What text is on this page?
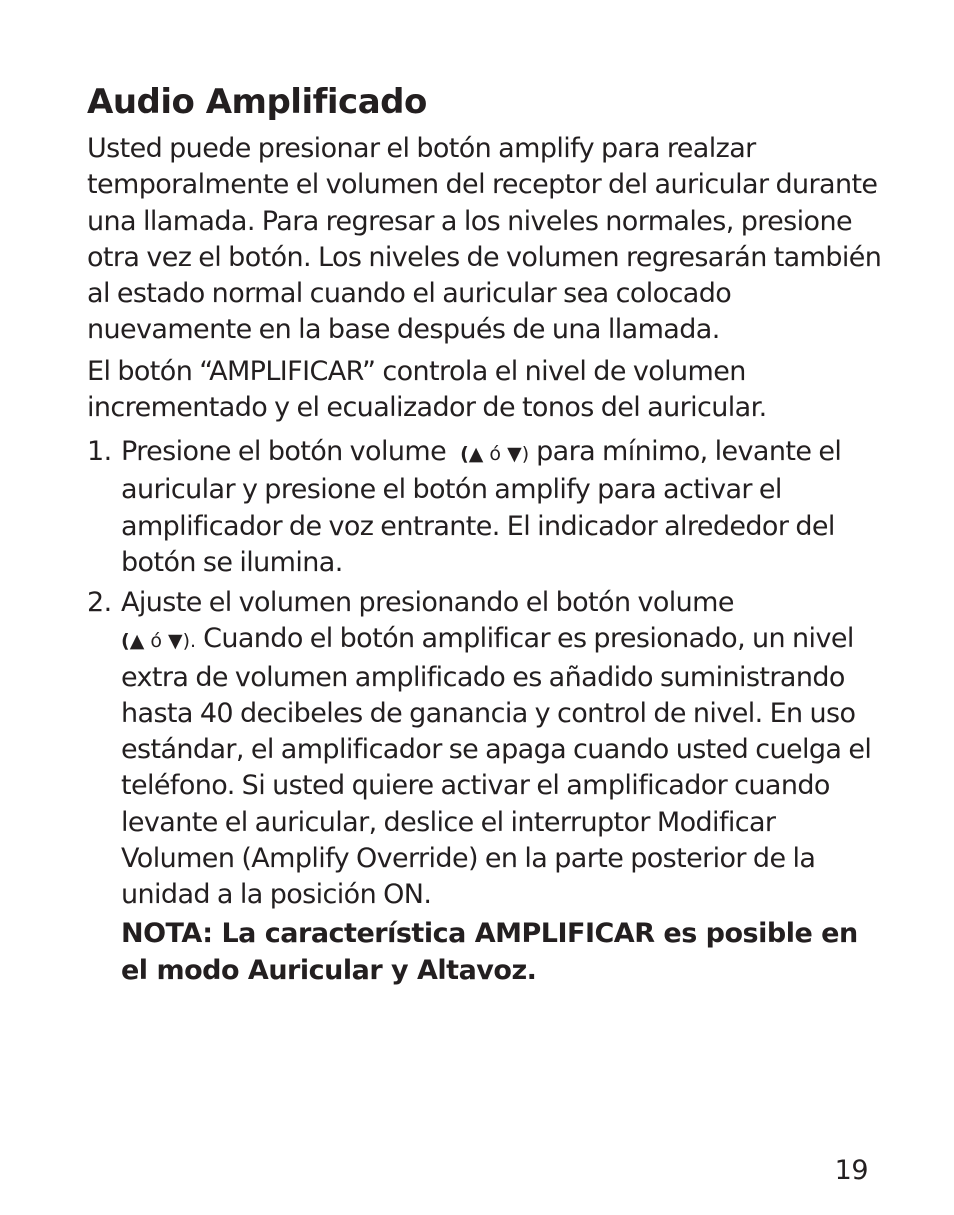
Audio Amplificado

Usted puede presionar el botón amplify para realzar temporalmente el volumen del receptor del auricular durante una llamada. Para regresar a los niveles normales, presione otra vez el botón. Los niveles de volumen regresarán también al estado normal cuando el auricular sea colocado nuevamente en la base después de una llamada.

El botón “AMPLIFICAR” controla el nivel de volumen incrementado y el ecualizador de tonos del auricular.

1. Presione el botón volume (▲ ó ▼) para mínimo, levante el auricular y presione el botón amplify para activar el amplificador de voz entrante. El indicador alrededor del botón se ilumina.
2. Ajuste el volumen presionando el botón volume
(▲ ó ▼). Cuando el botón amplificar es presionado, un nivel extra de volumen amplificado es añadido suministrando hasta 40 decibeles de ganancia y control de nivel. En uso estándar, el amplificador se apaga cuando usted cuelga el teléfono. Si usted quiere activar el amplificador cuando levante el auricular, deslice el interruptor Modificar Volumen (Amplify Override) en la parte posterior de la unidad a la posición ON.

NOTA: La característica AMPLIFICAR es posible en el modo Auricular y Altavoz.

19
